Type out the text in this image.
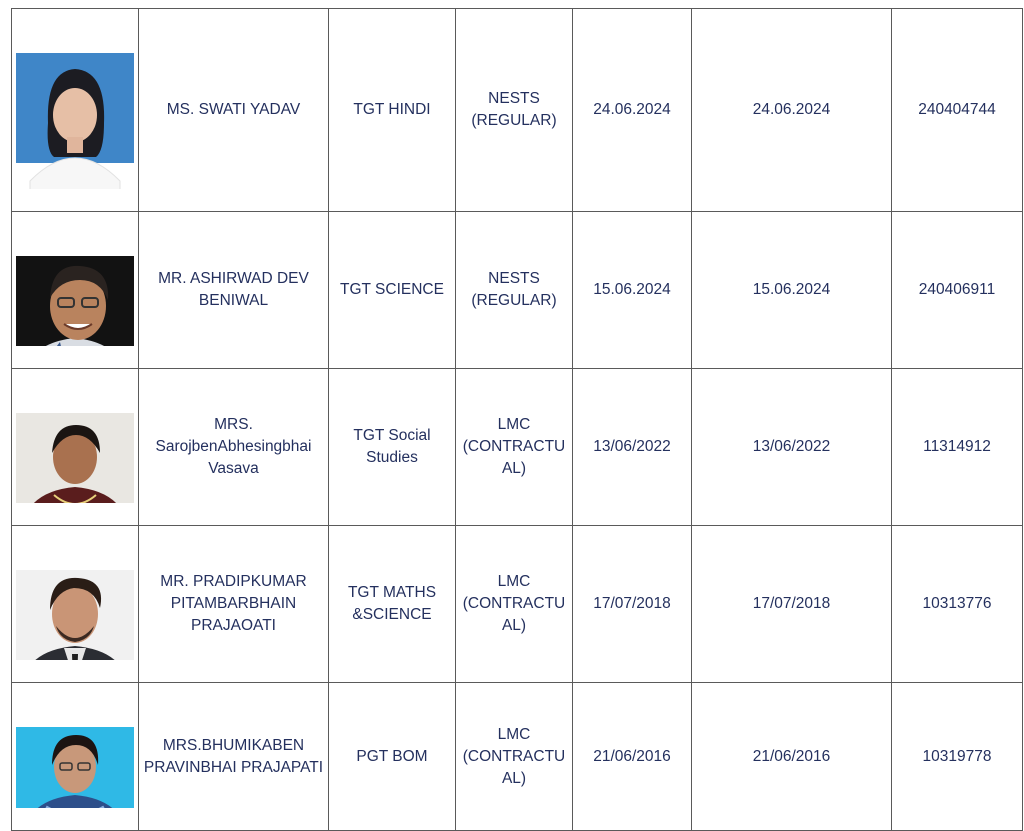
	MS. SWATI YADAV	TGT HINDI	NESTS
(REGULAR)	24.06.2024	24.06.2024	240404744

	MR. ASHIRWAD DEV
BENIWAL	TGT SCIENCE	NESTS
(REGULAR)	15.06.2024	15.06.2024	240406911

	MRS.
SarojbenAbhesingbhai
Vasava	TGT Social
Studies	LMC
(CONTRACTU
AL)	13/06/2022	13/06/2022	11314912

	MR. PRADIPKUMAR
PITAMBARBHAIN
PRAJAOATI	TGT MATHS
&SCIENCE	LMC
(CONTRACTU
AL)	17/07/2018	17/07/2018	10313776

	MRS.BHUMIKABEN
PRAVINBHAI PRAJAPATI	PGT BOM	LMC
(CONTRACTU
AL)	21/06/2016	21/06/2016	10319778
